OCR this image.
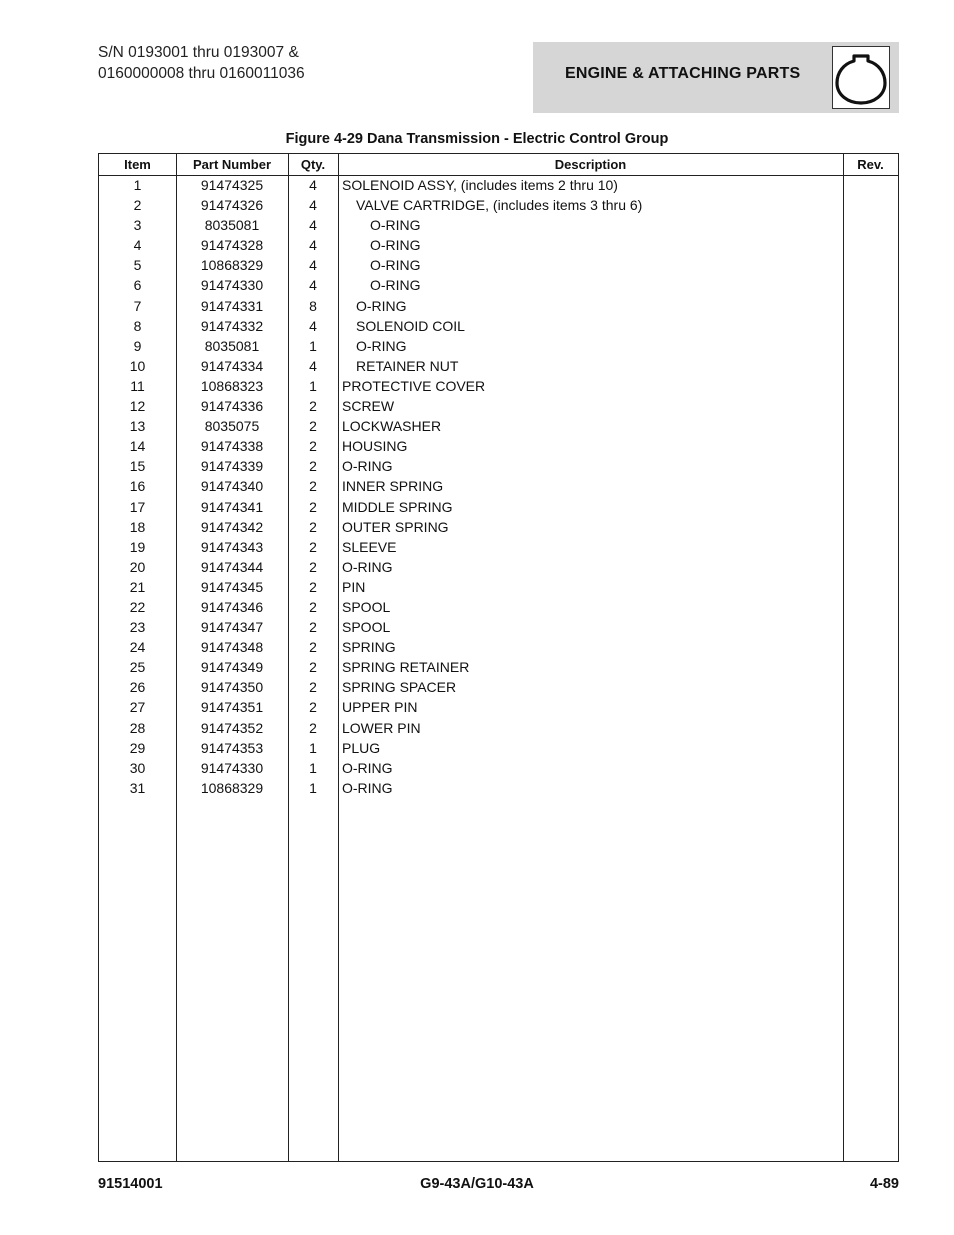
S/N 0193001 thru 0193007 &
0160000008 thru 0160011036	ENGINE & ATTACHING PARTS
Figure 4-29 Dana Transmission - Electric Control Group
Item	Part Number	Qty.	Description	Rev.
1	91474325	4	SOLENOID ASSY, (includes items 2 thru 10)
2	91474326	4	VALVE CARTRIDGE, (includes items 3 thru 6)
3	8035081	4	O-RING
4	91474328	4	O-RING
5	10868329	4	O-RING
6	91474330	4	O-RING
7	91474331	8	O-RING
8	91474332	4	SOLENOID COIL
9	8035081	1	O-RING
10	91474334	4	RETAINER NUT
11	10868323	1	PROTECTIVE COVER
12	91474336	2	SCREW
13	8035075	2	LOCKWASHER
14	91474338	2	HOUSING
15	91474339	2	O-RING
16	91474340	2	INNER SPRING
17	91474341	2	MIDDLE SPRING
18	91474342	2	OUTER SPRING
19	91474343	2	SLEEVE
20	91474344	2	O-RING
21	91474345	2	PIN
22	91474346	2	SPOOL
23	91474347	2	SPOOL
24	91474348	2	SPRING
25	91474349	2	SPRING RETAINER
26	91474350	2	SPRING SPACER
27	91474351	2	UPPER PIN
28	91474352	2	LOWER PIN
29	91474353	1	PLUG
30	91474330	1	O-RING
31	10868329	1	O-RING
91514001	G9-43A/G10-43A	4-89
